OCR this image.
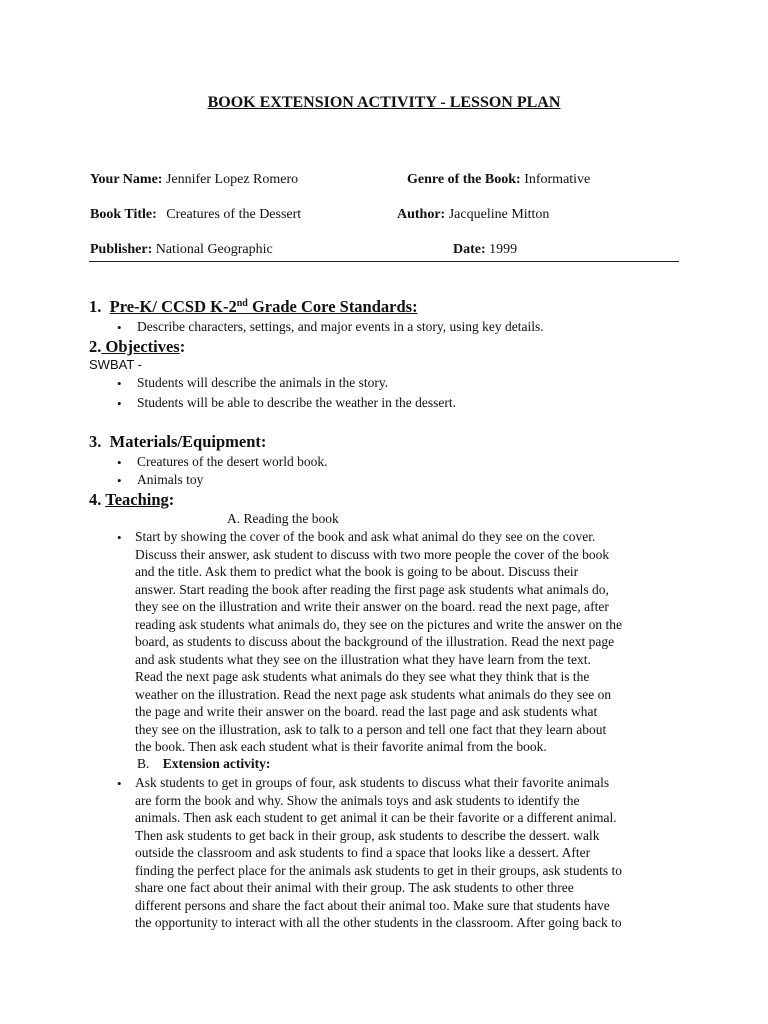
BOOK EXTENSION ACTIVITY - LESSON PLAN
Your Name: Jennifer Lopez Romero	Genre of the Book: Informative
Book Title: Creatures of the Dessert	Author: Jacqueline Mitton
Publisher: National Geographic	Date: 1999
1. Pre-K/ CCSD K-2nd Grade Core Standards:
• Describe characters, settings, and major events in a story, using key details.
2. Objectives:
SWBAT -
• Students will describe the animals in the story.
• Students will be able to describe the weather in the dessert.
3. Materials/Equipment:
• Creatures of the desert world book.
• Animals toy
4. Teaching:
A. Reading the book
• Start by showing the cover of the book and ask what animal do they see on the cover.
Discuss their answer, ask student to discuss with two more people the cover of the book
and the title. Ask them to predict what the book is going to be about. Discuss their
answer. Start reading the book after reading the first page ask students what animals do,
they see on the illustration and write their answer on the board. read the next page, after
reading ask students what animals do, they see on the pictures and write the answer on the
board, as students to discuss about the background of the illustration. Read the next page
and ask students what they see on the illustration what they have learn from the text.
Read the next page ask students what animals do they see what they think that is the
weather on the illustration. Read the next page ask students what animals do they see on
the page and write their answer on the board. read the last page and ask students what
they see on the illustration, ask to talk to a person and tell one fact that they learn about
the book. Then ask each student what is their favorite animal from the book.
B. Extension activity:
• Ask students to get in groups of four, ask students to discuss what their favorite animals
are form the book and why. Show the animals toys and ask students to identify the
animals. Then ask each student to get animal it can be their favorite or a different animal.
Then ask students to get back in their group, ask students to describe the dessert. walk
outside the classroom and ask students to find a space that looks like a dessert. After
finding the perfect place for the animals ask students to get in their groups, ask students to
share one fact about their animal with their group. The ask students to other three
different persons and share the fact about their animal too. Make sure that students have
the opportunity to interact with all the other students in the classroom. After going back to
